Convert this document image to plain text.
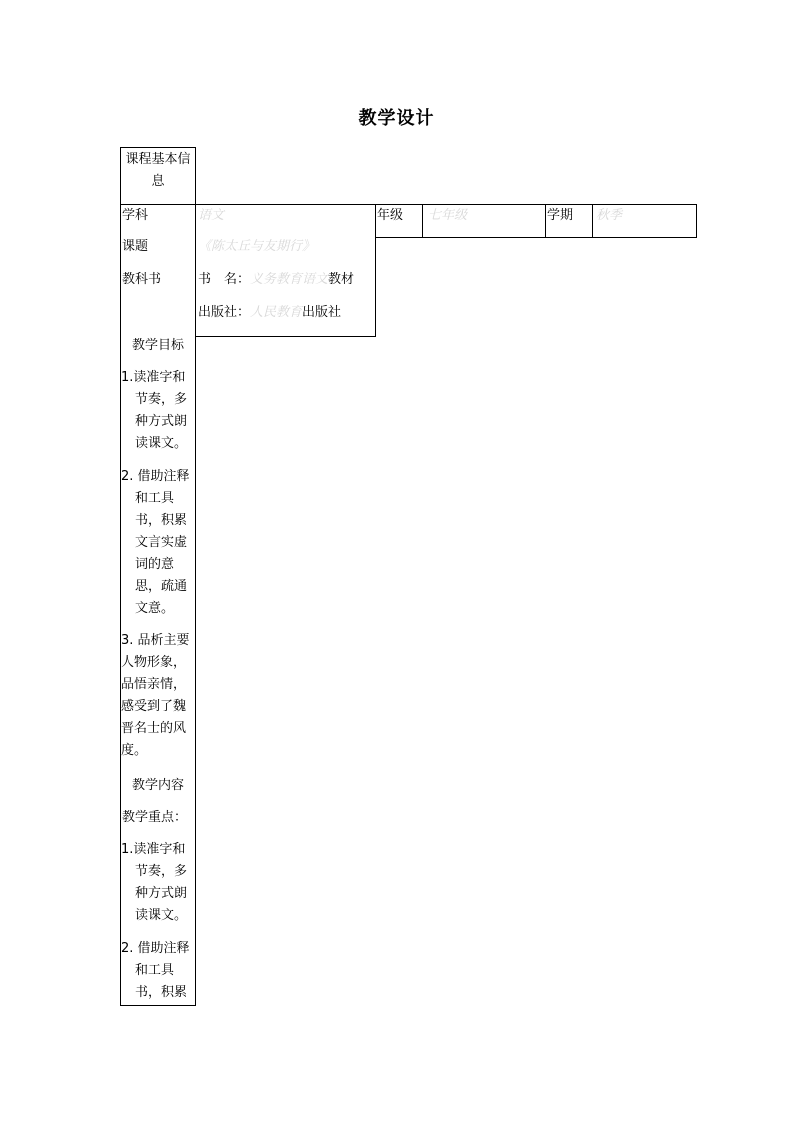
教学设计
课程基本信
息
学科	语文	年级 七年级	学期 秋季
课题	《陈太丘与友期行》
教科书	书　名：义务教育语文教材
出版社：人民教育出版社
教学目标
1.读准字和
节奏，多
种方式朗
读课文。
2. 借助注释
和工具
书，积累
文言实虚
词的意
思，疏通
文意。
3. 品析主要
人物形象，
品悟亲情，
感受到了魏
晋名士的风
度。
教学内容
教学重点：
1.读准字和
节奏，多
种方式朗
读课文。
2. 借助注释
和工具
书，积累
